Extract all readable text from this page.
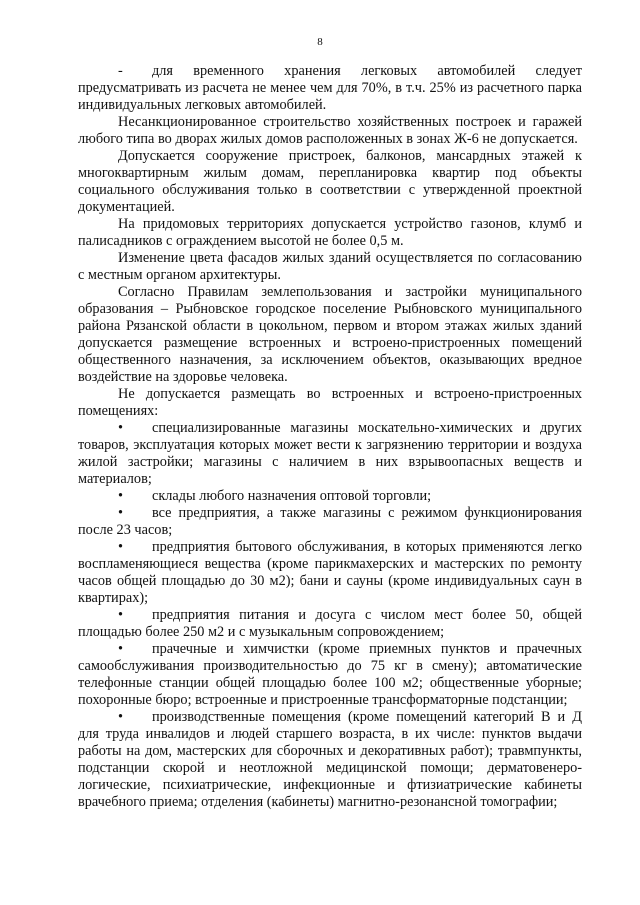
8

- для временного хранения легковых автомобилей следует предусматривать из расчета не менее чем для 70%, в т.ч. 25% из расчетного парка индивидуальных легковых автомобилей.

Несанкционированное строительство хозяйственных построек и гаражей любого типа во дворах жилых домов расположенных в зонах Ж-6 не допускается.

Допускается сооружение пристроек, балконов, мансардных этажей к многоквартирным жилым домам, перепланировка квартир под объекты социального обслуживания только в соответствии с утвержденной проектной документацией.

На придомовых территориях допускается устройство газонов, клумб и палисадников с ограждением высотой не более 0,5 м.

Изменение цвета фасадов жилых зданий осуществляется по согласованию с местным органом архитектуры.

Согласно Правилам землепользования и застройки муниципального образования – Рыбновское городское поселение Рыбновского муниципального района Рязанской области в цокольном, первом и втором этажах жилых зданий допускается размещение встроенных и встроено-пристроенных помещений общественного назначения, за исключением объектов, оказывающих вредное воздействие на здоровье человека.

Не допускается размещать во встроенных и встроено-пристроенных помещениях:

• специализированные магазины москательно-химических и других товаров, эксплуатация которых может вести к загрязнению территории и воздуха жилой застройки; магазины с наличием в них взрывоопасных веществ и материалов;

• склады любого назначения оптовой торговли;

• все предприятия, а также магазины с режимом функционирования после 23 часов;

• предприятия бытового обслуживания, в которых применяются легко воспламеняющиеся вещества (кроме парикмахерских и мастерских по ремонту часов общей площадью до 30 м2); бани и сауны (кроме индивидуальных саун в квартирах);

• предприятия питания и досуга с числом мест более 50, общей площадью более 250 м2 и с музыкальным сопровождением;

• прачечные и химчистки (кроме приемных пунктов и прачечных самообслуживания производительностью до 75 кг в смену); автоматические телефонные станции общей площадью более 100 м2; общественные уборные; похоронные бюро; встроенные и пристроенные трансформаторные подстанции;

• производственные помещения (кроме помещений категорий В и Д для труда инвалидов и людей старшего возраста, в их числе: пунктов выдачи работы на дом, мастерских для сборочных и декоративных работ); травмпункты, подстанции скорой и неотложной медицинской помощи; дерматовенеро-логические, психиатрические, инфекционные и фтизиатрические кабинеты врачебного приема; отделения (кабинеты) магнитно-резонансной томографии;
